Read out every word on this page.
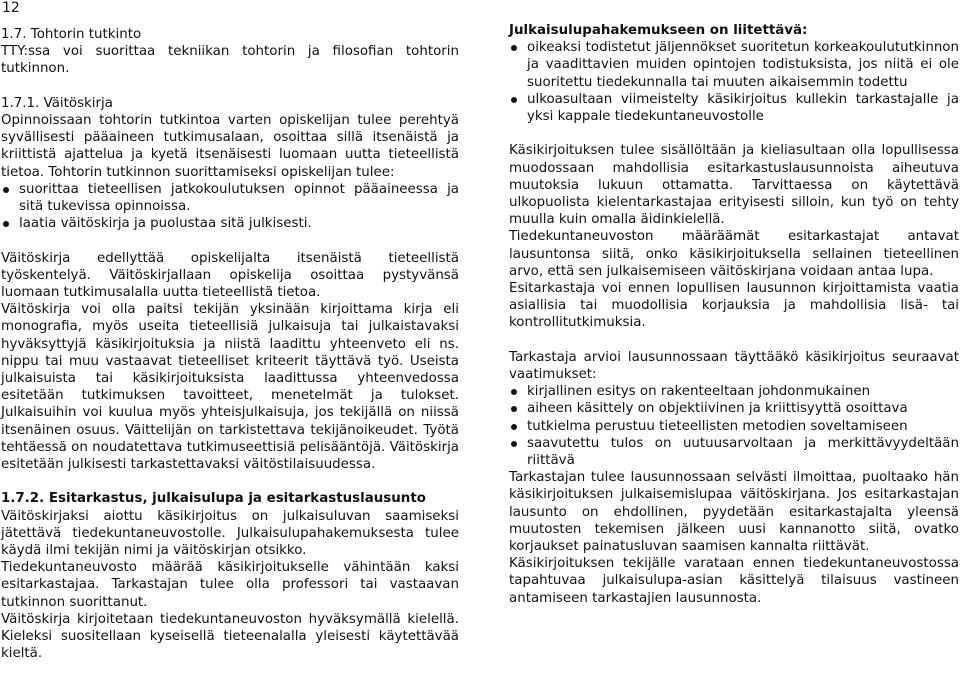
12
1.7. Tohtorin tutkinto

TTY:ssa voi suorittaa tekniikan tohtorin ja filosofian tohtorin tutkinnon.

1.7.1. Väitöskirja

Opinnoissaan tohtorin tutkintoa varten opiskelijan tulee perehtyä syvällisesti pääaineen tutkimusalaan, osoittaa sillä itsenäistä ja kriittistä ajattelua ja kyetä itsenäisesti luomaan uutta tieteellistä tietoa. Tohtorin tutkinnon suorittamiseksi opiskelijan tulee:

suorittaa tieteellisen jatkokoulutuksen opinnot pääaineessa ja sitä tukevissa opinnoissa.
laatia väitöskirja ja puolustaa sitä julkisesti.

Väitöskirja edellyttää opiskelijalta itsenäistä tieteellistä työskentelyä. Väitöskirjallaan opiskelija osoittaa pystyvänsä luomaan tutkimusalalla uutta tieteellistä tietoa.

Väitöskirja voi olla paitsi tekijän yksinään kirjoittama kirja eli monografia, myös useita tieteellisiä julkaisuja tai julkaistavaksi hyväksyttyjä käsikirjoituksia ja niistä laadittu yhteenveto eli ns. nippu tai muu vastaavat tieteelliset kriteerit täyttävä työ. Useista julkaisuista tai käsikirjoituksista laadittussa yhteenvedossa esitetään tutkimuksen tavoitteet, menetelmät ja tulokset. Julkaisuihin voi kuulua myös yhteisjulkaisuja, jos tekijällä on niissä itsenäinen osuus. Väittelijän on tarkistettava tekijänoikeudet. Työtä tehtäessä on noudatettava tutkimuseettisiä pelisääntöjä. Väitöskirja esitetään julkisesti tarkastettavaksi väitöstilaisuudessa.

1.7.2. Esitarkastus, julkaisulupa ja esitarkastuslausunto

Väitöskirjaksi aiottu käsikirjoitus on julkaisuluvan saamiseksi jätettävä tiedekuntaneuvostolle. Julkaisulupahakemuksesta tulee käydä ilmi tekijän nimi ja väitöskirjan otsikko.

Tiedekuntaneuvosto määrää käsikirjoitukselle vähintään kaksi esitarkastajaa. Tarkastajan tulee olla professori tai vastaavan tutkinnon suorittanut.

Väitöskirja kirjoitetaan tiedekuntaneuvoston hyväksymällä kielellä. Kieleksi suositellaan kyseisellä tieteenalalla yleisesti käytettävää kieltä.

Julkaisulupahakemukseen on liitettävä:
oikeaksi todistetut jäljennökset suoritetun korkeakoulututkinnon ja vaadittavien muiden opintojen todistuksista, jos niitä ei ole suoritettu tiedekunnalla tai muuten aikaisemmin todettu
ulkoasultaan viimeistelty käsikirjoitus kullekin tarkastajalle ja yksi kappale tiedekuntaneuvostolle

Käsikirjoituksen tulee sisällöltään ja kieliasultaan olla lopullisessa muodossaan mahdollisia esitarkastuslausunnoista aiheutuva muutoksia lukuun ottamatta. Tarvittaessa on käytettävä ulkopuolista kielentarkastajaa erityisesti silloin, kun työ on tehty muulla kuin omalla äidinkielellä.

Tiedekuntaneuvoston määräämät esitarkastajat antavat lausuntonsa siitä, onko käsikirjoituksella sellainen tieteellinen arvo, että sen julkaisemiseen väitöskirjana voidaan antaa lupa.

Esitarkastaja voi ennen lopullisen lausunnon kirjoittamista vaatia asiallisia tai muodollisia korjauksia ja mahdollisia lisä- tai kontrollitutkimuksia.

Tarkastaja arvioi lausunnossaan täyttääkö käsikirjoitus seuraavat vaatimukset:

kirjallinen esitys on rakenteeltaan johdonmukainen
aiheen käsittely on objektiivinen ja kriittisyyttä osoittava
tutkielma perustuu tieteellisten metodien soveltamiseen
saavutettu tulos on uutuusarvoltaan ja merkittävyydeltään riittävä

Tarkastajan tulee lausunnossaan selvästi ilmoittaa, puoltaako hän käsikirjoituksen julkaisemislupaa väitöskirjana. Jos esitarkastajan lausunto on ehdollinen, pyydetään esitarkastajalta yleensä muutosten tekemisen jälkeen uusi kannanotto siitä, ovatko korjaukset painatusluvan saamisen kannalta riittävät.

Käsikirjoituksen tekijälle varataan ennen tiedekuntaneuvostossa tapahtuvaa julkaisulupa-asian käsittelyä tilaisuus vastineen antamiseen tarkastajien lausunnosta.
